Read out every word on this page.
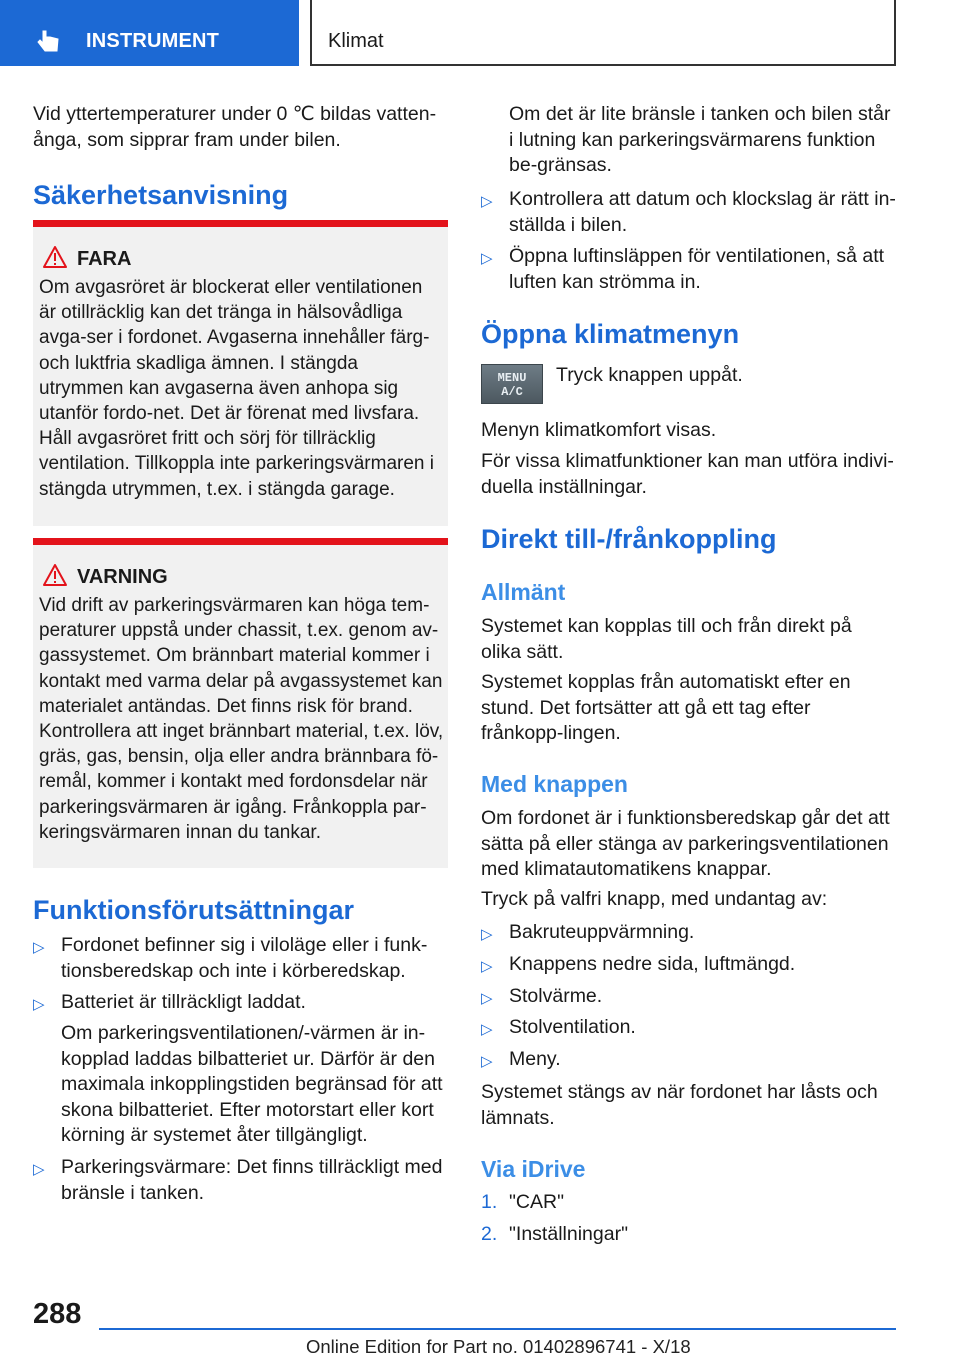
INSTRUMENT	Klimat
Vid yttertemperaturer under 0 ℃ bildas vatten-ånga, som sipprar fram under bilen.
Säkerhetsanvisning
FARA
Om avgasröret är blockerat eller ventilationen är otillräcklig kan det tränga in hälsovådliga avga-ser i fordonet. Avgaserna innehåller färg- och luktfria skadliga ämnen. I stängda utrymmen kan avgaserna även anhopa sig utanför fordo-net. Det är förenat med livsfara. Håll avgasröret fritt och sörj för tillräcklig ventilation. Tillkoppla inte parkeringsvärmaren i stängda utrymmen, t.ex. i stängda garage.
VARNING
Vid drift av parkeringsvärmaren kan höga tem-peraturer uppstå under chassit, t.ex. genom av-gassystemet. Om brännbart material kommer i kontakt med varma delar på avgassystemet kan materialet antändas. Det finns risk för brand. Kontrollera att inget brännbart material, t.ex. löv, gräs, gas, bensin, olja eller andra brännbara fö-remål, kommer i kontakt med fordonsdelar när parkeringsvärmaren är igång. Frånkoppla par-keringsvärmaren innan du tankar.
Funktionsförutsättningar
▷ Fordonet befinner sig i viloläge eller i funk-tionsberedskap och inte i körberedskap.
▷ Batteriet är tillräckligt laddat.
Om parkeringsventilationen/-värmen är in-kopplad laddas bilbatteriet ur. Därför är den maximala inkopplingstiden begränsad för att skona bilbatteriet. Efter motorstart eller kort körning är systemet åter tillgängligt.
▷ Parkeringsvärmare: Det finns tillräckligt med bränsle i tanken.
Om det är lite bränsle i tanken och bilen står i lutning kan parkeringsvärmarens funktion be-gränsas.
▷ Kontrollera att datum och klockslag är rätt in-ställda i bilen.
▷ Öppna luftinsläppen för ventilationen, så att luften kan strömma in.
Öppna klimatmenyn
MENU
A/C
Tryck knappen uppåt.
Menyn klimatkomfort visas.
För vissa klimatfunktioner kan man utföra indivi-duella inställningar.
Direkt till-/frånkoppling
Allmänt
Systemet kan kopplas till och från direkt på olika sätt.
Systemet kopplas från automatiskt efter en stund. Det fortsätter att gå ett tag efter frånkopp-lingen.
Med knappen
Om fordonet är i funktionsberedskap går det att sätta på eller stänga av parkeringsventilationen med klimatautomatikens knappar.
Tryck på valfri knapp, med undantag av:
▷ Bakruteuppvärmning.
▷ Knappens nedre sida, luftmängd.
▷ Stolvärme.
▷ Stolventilation.
▷ Meny.
Systemet stängs av när fordonet har låsts och lämnats.
Via iDrive
1. "CAR"
2. "Inställningar"
288
Online Edition for Part no. 01402896741 - X/18
